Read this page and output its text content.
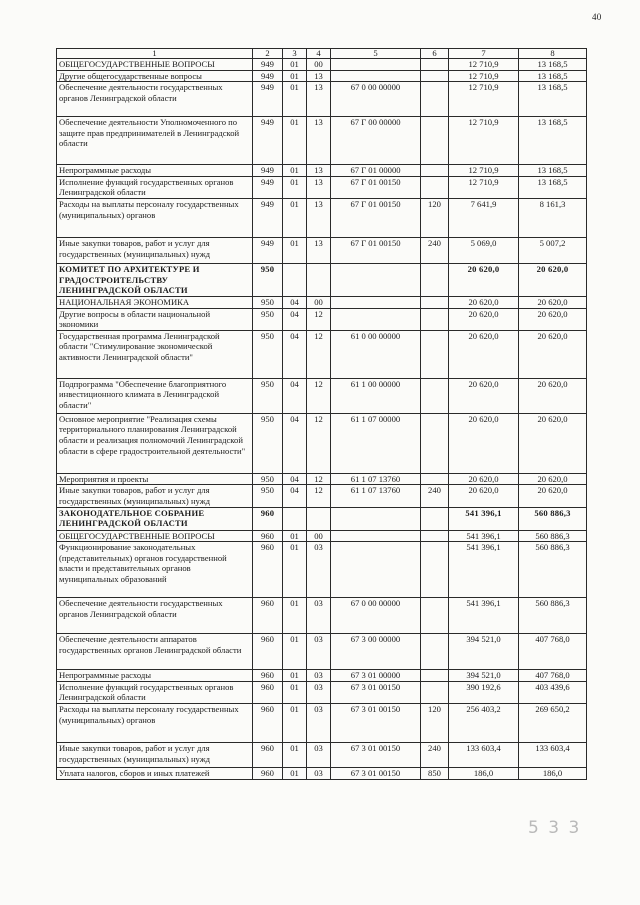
40
1	2	3	4	5	6	7	8
ОБЩЕГОСУДАРСТВЕННЫЕ ВОПРОСЫ	949	01	00			12 710,9	13 168,5
Другие общегосударственные вопросы	949	01	13			12 710,9	13 168,5
Обеспечение деятельности государственных органов Ленинградской области	949	01	13	67 0 00 00000		12 710,9	13 168,5
Обеспечение деятельности Уполномоченного по защите прав предпринимателей в Ленинградской области	949	01	13	67 Г 00 00000		12 710,9	13 168,5
Непрограммные расходы	949	01	13	67 Г 01 00000		12 710,9	13 168,5
Исполнение функций государственных органов Ленинградской области	949	01	13	67 Г 01 00150		12 710,9	13 168,5
Расходы на выплаты персоналу государственных (муниципальных) органов	949	01	13	67 Г 01 00150	120	7 641,9	8 161,3
Иные закупки товаров, работ и услуг для государственных (муниципальных) нужд	949	01	13	67 Г 01 00150	240	5 069,0	5 007,2
КОМИТЕТ ПО АРХИТЕКТУРЕ И ГРАДОСТРОИТЕЛЬСТВУ ЛЕНИНГРАДСКОЙ ОБЛАСТИ	950					20 620,0	20 620,0
НАЦИОНАЛЬНАЯ ЭКОНОМИКА	950	04	00			20 620,0	20 620,0
Другие вопросы в области национальной экономики	950	04	12			20 620,0	20 620,0
Государственная программа Ленинградской области "Стимулирование экономической активности Ленинградской области"	950	04	12	61 0 00 00000		20 620,0	20 620,0
Подпрограмма "Обеспечение благоприятного инвестиционного климата в Ленинградской области"	950	04	12	61 1 00 00000		20 620,0	20 620,0
Основное мероприятие "Реализация схемы территориального планирования Ленинградской области и реализация полномочий Ленинградской области в сфере градостроительной деятельности"	950	04	12	61 1 07 00000		20 620,0	20 620,0
Мероприятия и проекты	950	04	12	61 1 07 13760		20 620,0	20 620,0
Иные закупки товаров, работ и услуг для государственных (муниципальных) нужд	950	04	12	61 1 07 13760	240	20 620,0	20 620,0
ЗАКОНОДАТЕЛЬНОЕ СОБРАНИЕ ЛЕНИНГРАДСКОЙ ОБЛАСТИ	960					541 396,1	560 886,3
ОБЩЕГОСУДАРСТВЕННЫЕ ВОПРОСЫ	960	01	00			541 396,1	560 886,3
Функционирование законодательных (представительных) органов государственной власти и представительных органов муниципальных образований	960	01	03			541 396,1	560 886,3
Обеспечение деятельности государственных органов Ленинградской области	960	01	03	67 0 00 00000		541 396,1	560 886,3
Обеспечение деятельности аппаратов государственных органов Ленинградской области	960	01	03	67 3 00 00000		394 521,0	407 768,0
Непрограммные расходы	960	01	03	67 3 01 00000		394 521,0	407 768,0
Исполнение функций государственных органов Ленинградской области	960	01	03	67 3 01 00150		390 192,6	403 439,6
Расходы на выплаты персоналу государственных (муниципальных) органов	960	01	03	67 3 01 00150	120	256 403,2	269 650,2
Иные закупки товаров, работ и услуг для государственных (муниципальных) нужд	960	01	03	67 3 01 00150	240	133 603,4	133 603,4
Уплата налогов, сборов и иных платежей	960	01	03	67 3 01 00150	850	186,0	186,0
5 3 3
